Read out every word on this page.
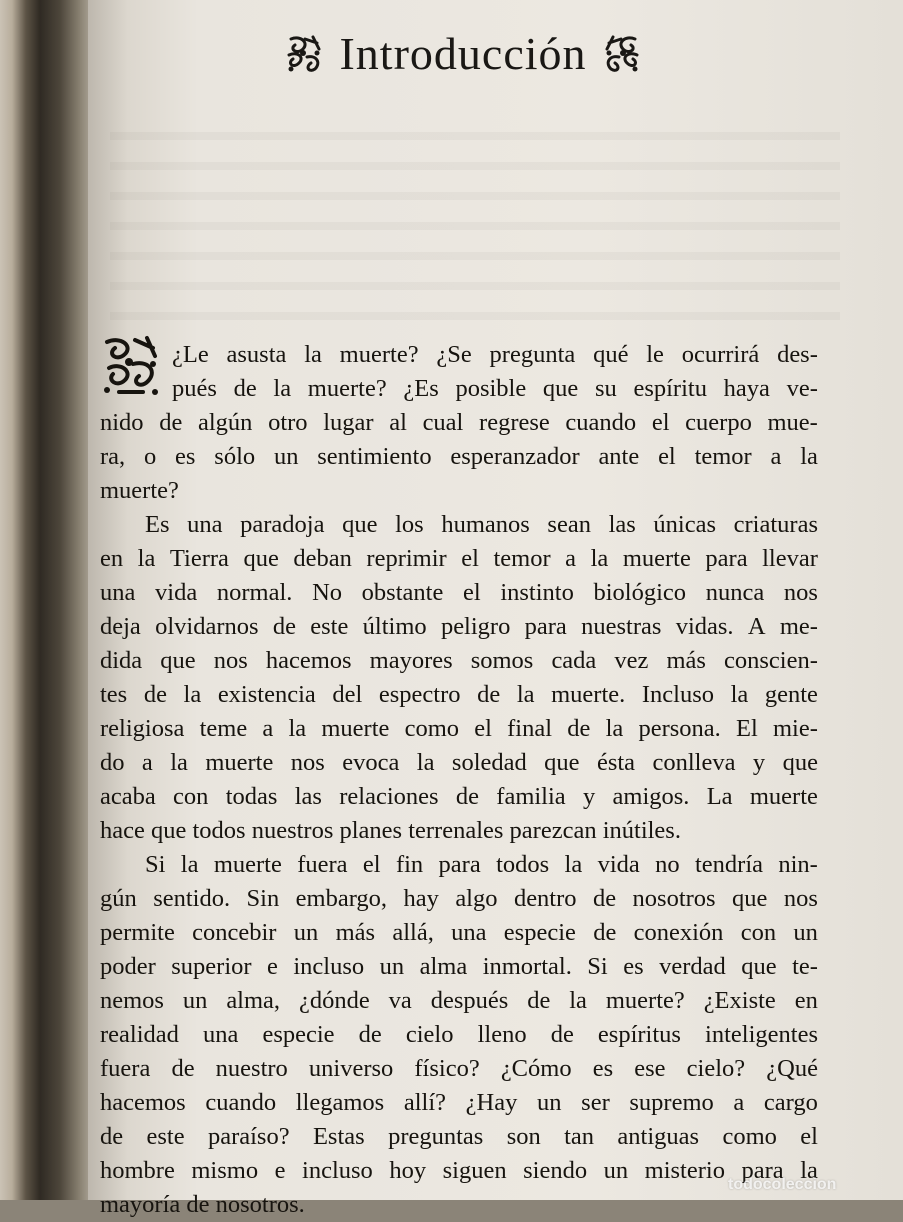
Introducción
¿Le asusta la muerte? ¿Se pregunta qué le ocurrirá des-
pués de la muerte? ¿Es posible que su espíritu haya ve-
nido de algún otro lugar al cual regrese cuando el cuerpo mue-
ra, o es sólo un sentimiento esperanzador ante el temor a la
muerte?
Es una paradoja que los humanos sean las únicas criaturas
en la Tierra que deban reprimir el temor a la muerte para llevar
una vida normal. No obstante el instinto biológico nunca nos
deja olvidarnos de este último peligro para nuestras vidas. A me-
dida que nos hacemos mayores somos cada vez más conscien-
tes de la existencia del espectro de la muerte. Incluso la gente
religiosa teme a la muerte como el final de la persona. El mie-
do a la muerte nos evoca la soledad que ésta conlleva y que
acaba con todas las relaciones de familia y amigos. La muerte
hace que todos nuestros planes terrenales parezcan inútiles.
Si la muerte fuera el fin para todos la vida no tendría nin-
gún sentido. Sin embargo, hay algo dentro de nosotros que nos
permite concebir un más allá, una especie de conexión con un
poder superior e incluso un alma inmortal. Si es verdad que te-
nemos un alma, ¿dónde va después de la muerte? ¿Existe en
realidad una especie de cielo lleno de espíritus inteligentes
fuera de nuestro universo físico? ¿Cómo es ese cielo? ¿Qué
hacemos cuando llegamos allí? ¿Hay un ser supremo a cargo
de este paraíso? Estas preguntas son tan antiguas como el
hombre mismo e incluso hoy siguen siendo un misterio para la
mayoría de nosotros.
todocoleccion
